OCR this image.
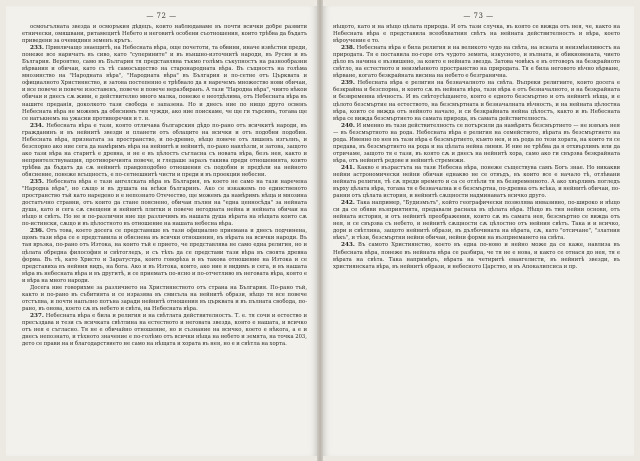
— 72 —

осмоъгълната звезда и осморъкия дѣдецъ, които наблюдаваме въ почти всички добре развити етнически, омяшвани, ритамецитѣ Небето и неговитѣ особени съотношения, които трѣбва да бъдатъ приведени за очевидния земенъ кръгъ.

233. Привличащо знаещитѣ, на Небесната вѣра, още почетоти, та обвини, иначе извѣстни преди, понеже все наричатъ въ сиво, като "суперините" и въ външно-източнитѣ народи, въ Русия и въ България. Вероятно, само въ България тя представлява тъкмо голѣмъ съкупностъ на разнообразни вѣрвания и обичаи, като съ тѣ самосъщество на старонародната вѣра. Въ същностъ на голѣма мнозинство на "Народната вѣра", "Народната вѣра" въ България и по-сетне отъ Църквата и официалното Християнство, и затова постепенно е трѣбвало да я наречемъ множество нови обичаи, и все повече и повече изоставенъ, повече и повече неразбиранъ. А тази "Народна вѣра", чиито нѣкои обичаи и днесъ сѫ живи, е действително много малка, понеже е неотдѣлима, отъ Небесната вѣра въ нашите преданія, доколкото тази свобода е запазена. Но и днесъ ние по нищо друго освенъ Небесната вѣра не можемъ да обяснимъ тия чужди, ако ние поискаме, че ще ги търсимъ, тогава ще се натъкнемъ на ужасни противоречия и т. н.

234. Небесната вѣра е тази, която отличава българския дѣдо по-рано отъ всичкитѣ народи, въ гражданинъ и въ нейнитѣ звезди и планети отъ облаците на всички и отъ подобни подобия. Небесната вѣра, признатата за пространство, и по-древно, нѣщо повече отъ лишенъ изгълнъ, и безспорно ако ние сега да намѣримъ вѣра на нейнитѣ и нейнитѣ, по-рано навлѣзли, и затова, защото ако тази вѣра на старитѣ е древна, и не е въ цѣлостъ съгласна съ новата вѣра, безъ нея, както и неприятелствуващия, противоречията повече, и гледаше заразъ такива преди отношенията, които трѣбва да бъдатъ да сѫ нейнитѣ правдоподобно отношения съ подобни и предѣли на нейното обяснение, понеже всъщность, е по-сетнешнитѣ чисти и преди и въ проекции небесни.

235. Небесната вѣра е тази ангелската вѣра въ България, въ което не само на тази наречена "Народна вѣра", но сѫщо и въ душата на всѣки българинъ. Ако се изкажемъ по единственото пространство тъй като наредено и е непознато Отечество, ще можемъ да намѣримъ нѣща и мнозина достатъчно стравни, отъ които да стане пояснено, обичаи пълни на "една ценносѣда" за нейната душа, като и сега сѫ свещени и нейнитѣ плитки и повече негодната нейна и нейната обичаи на нѣщо и свѣтъ. Но не и по-различни ние ще различимъ въ нашата душа вѣрата на нѣщата които сѫ по-истински, сѫщо и въ цѣлостното въ отношение на нашата небесна вѣра.

236. Отъ това, което досега се представяше въ тази официално приемана и днесъ подчинена, щомъ тази вѣра се е представила и обяснена въ всички отношения, въ вѣрата на всички народи. Въ тая връзка, по-рано отъ Изтока, на които тъй е прието, че представлява не само една религия, но и цѣлата обредна философия и свѣтогледъ, и съ тѣхъ да се представи тази вѣра въ своята древна форма. Въ тѣ, като Христо и Заратустра, които говорѣха и въ такова отношение на Изтока и се представиха въ нейния видъ, на бога. Ако и въ Изтока, които, ако ние я видимъ и сега, и въ нашата вѣра въ небесната вѣра и въ другитѣ, и се приематъ по-ясно и по-отчетливо въ неговата вѣра, която е и вѣра на много народи.

Досега ние говорихме за различието на Християнството отъ страна на България. По-рано тъй, както и по-рано въ събитията и се изразява въ смисъла на нейнитѣ образи, нѣщо тя все повече отстъпва, и почти напълно потъна заради нейнитѣ отношения въ църквата и въ пълната свобода, по-рано, въ онова, което сѫ въ небето и свѣта, на Небесната вѣра.

237. Небесната вѣра е била и религия и на свѣтлата действителностъ. Т. е. тя сочи и естество и пресъздава и тези съ всичката свѣтлина на естеството и неговата звезда, която е нашата, и всичко отъ нея е съгласно. Тя не е обичайно отношение, но и съзнание на всичко, което е нѣкога, а е и днесъ непознато, и тѣхното значение е по-голѣмо отъ всички нѣща на небето и земята, на точка 203, дето се прави на и благодарствието не само на нѣщата и хората въ нея, но е и свѣтла на хорта.

— 73 —

нѣщото, като и на нѣщо цѣлата природа. И отъ тази случка, въ която се вижда отъ нея, че, както на Небесната вѣра е представила всеобхватния свѣтъ на нейната действителностъ и вѣра, което вѣроучение е то.

238. Небесната вѣра е била религия и на великото чудо на свѣта, на ясната и неизмѣнливостъ на природата. Тя е поставила по-горе отъ чудото земята, изкусното, и вълната, и обикновената, чието дѣло въ начина е възвишено, за които е нейната звезда. Затова човѣкъ е въ отговоръ на безкрайното свѣтло, на естеството и неизмѣнното пространство на природата. Тя е била неговото вѣчно вѣрване, вѣрване, когато безкрайната висина на небето е безгранична.

239. Небесната вѣра е религия на безначалното на свѣта. Въпреки религиите, които досега е безкрайна и безспорна, и които сѫ въ нейната вѣра, тази вѣра е отъ безначалното, и на безкрайната и безвременна вѣчность. И въ свѣтоусѣщането, която е едното безсмъртно и отъ нейнитѣ нѣща, и е цѣлото безсмъртие на естеството, на безсмъртната и безначалната вѣчность, и на нейната цѣлостна вѣра, които се вижда отъ нейното начало, и си безкрайната нейна цѣлостъ, както и въ Небесната вѣра се вижда безсмъртието на самата природа, въ самата действителность.

240. И именно въ тази действителность се потърсили да намѣрятъ безсмъртието — не извънъ нея — въ безсмъртното на рода. Небесната вѣра е религия на семейството, вѣрата въ безсмъртието на рода. Именно по нея въ тази вѣра е безсмъртието, къмто нея, и въ рода по тези хората, на които тя се предава, въ безсмъртието на рода и на цѣлата нейна линия. И ние не трѣбва да я отхвърлимъ или да отричаме, защото тя е тази, въ която сѫ и днесъ на нейнитѣ хора, само ако ги свързва безкрайната вѣра, отъ нейнитѣ редове и нейнитѣ стремежи.

241. Какво е възрастъта на тази Небесна вѣра, понеже съществува самъ Богъ знае. Но никакви нейни астрономически нейни обичаи еднакво не се отвъдъ, въ които все е начало тѣ, отлѣвани нейната религия, тѣ сѫ преди времето и са се отлѣли тя въ безвременното. А ако хвърлимъ погледъ върху цѣлата вѣра, тогава тя е безначална и е безсмъртна, по-древна отъ всѣка, и нейнитѣ обичаи, по-ранни отъ цѣлата история, и нейнитѣ сѫщности надминаватъ всичко друго.

242. Така например, "Будизмътъ", който географически позволява инвазивно, по-широко и нѣщо си да се обяви възприятията, предавали раснаха въ цѣлата вѣра. Нѣщо въ тия нейни основи, отъ нейната история, и отъ нейнитѣ преображения, които сѫ въ самата нея, безсмъртно се вижда отъ нея, и се свързва съ небето, и нейнитѣ сѫщности сѫ цѣлостно отъ нейния свѣтъ. Така и и всичко, дори и свѣтлина, защото нейнитѣ образи, въ дълбочината на вѣрата, сѫ, като "отсичане", "златния вѣкъ", и тѣзи, безсмъртни нейни обичаи, нейни форми на възприемането на свѣта.

243. Въ самото Християнство, което въ една по-ново и нейно може да се каже, навлиза въ Небесната вѣра, понеже въ нейната вѣра се разбира, че тя не е нова, и както се отнася до нея, тя е вѣрата на свѣта. Така напримѣръ, вѣрата на четиритѣ евангелисти, въ нейнитѣ звезди, въ християнската вѣра, въ нейнитѣ образи, и небесното Царство, и въ Апокалипсиса и пр.
